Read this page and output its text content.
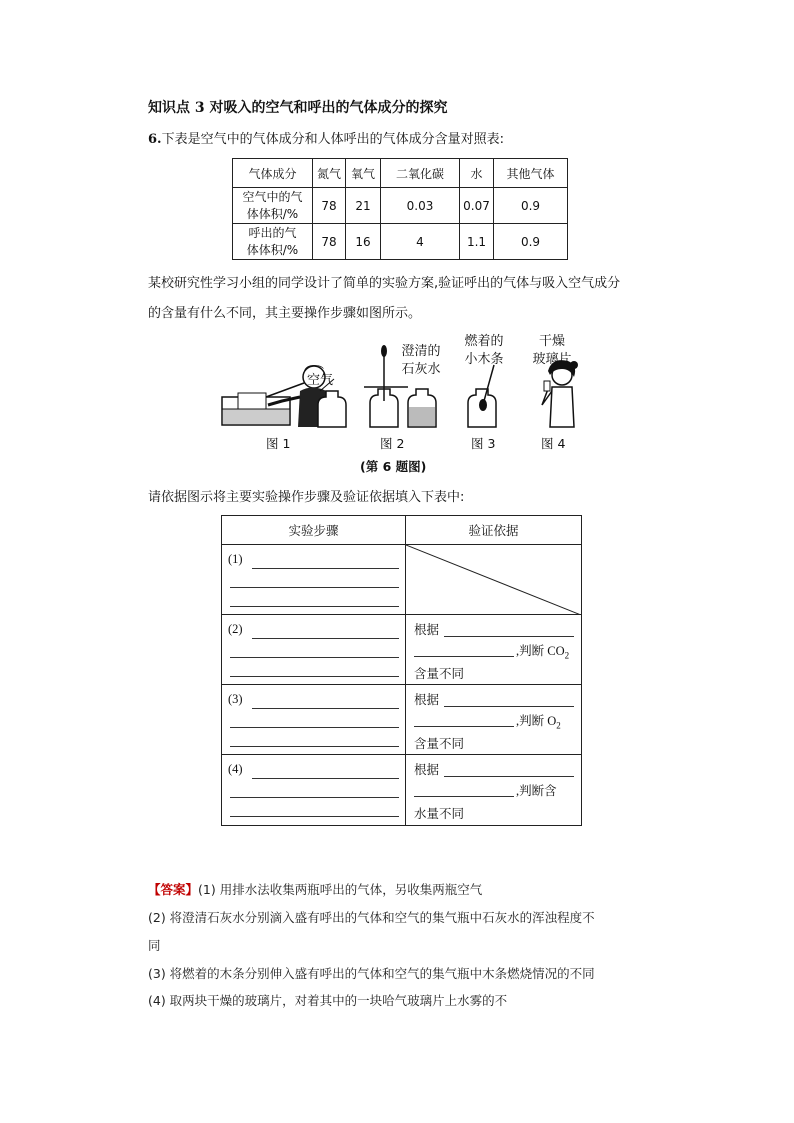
知识点 3 对吸入的空气和呼出的气体成分的探究
6.下表是空气中的气体成分和人体呼出的气体成分含量对照表:
气体成分	氮气	氧气	二氧化碳	水	其他气体

空气中的气
体体积/%	78	21	0.03	0.07	0.9

呼出的气
体体积/%	78	16	4	1.1	0.9
某校研究性学习小组的同学设计了简单的实验方案,验证呼出的气体与吸入空气成分
的含量有什么不同，其主要操作步骤如图所示。
空气
澄清的
石灰水
燃着的
小木条
干燥
玻璃片
图 1	图 2	图 3	图 4
(第 6 题图)
请依据图示将主要实验操作步骤及验证依据填入下表中:
实验步骤	验证依据

(1)

(2)	根据
,判断 $CO_2$
含量不同

(3)	根据
,判断 $O_2$
含量不同

(4)	根据
,判断含
水量不同
【答案】(1) 用排水法收集两瓶呼出的气体，另收集两瓶空气
(2) 将澄清石灰水分别滴入盛有呼出的气体和空气的集气瓶中石灰水的浑浊程度不
同
(3) 将燃着的木条分别伸入盛有呼出的气体和空气的集气瓶中木条燃烧情况的不同
(4) 取两块干燥的玻璃片，对着其中的一块哈气玻璃片上水雾的不
